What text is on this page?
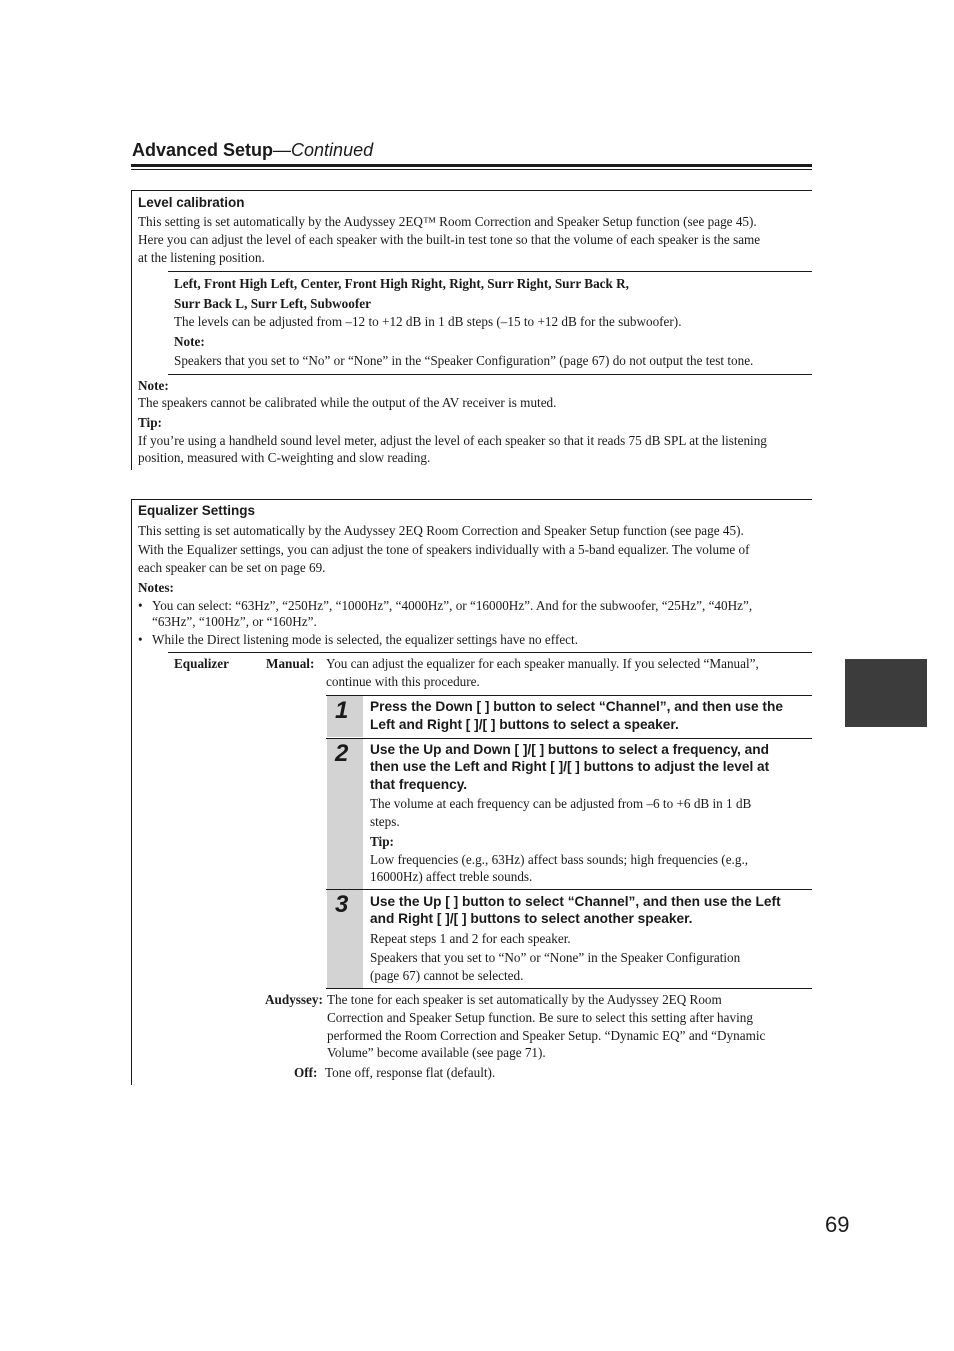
Advanced Setup—Continued
Level calibration
This setting is set automatically by the Audyssey 2EQ™ Room Correction and Speaker Setup function (see page 45).
Here you can adjust the level of each speaker with the built-in test tone so that the volume of each speaker is the same
at the listening position.
Left, Front High Left, Center, Front High Right, Right, Surr Right, Surr Back R,
Surr Back L, Surr Left, Subwoofer
The levels can be adjusted from –12 to +12 dB in 1 dB steps (–15 to +12 dB for the subwoofer).
Note:
Speakers that you set to “No” or “None” in the “Speaker Configuration” (page 67) do not output the test tone.
Note:
The speakers cannot be calibrated while the output of the AV receiver is muted.
Tip:
If you’re using a handheld sound level meter, adjust the level of each speaker so that it reads 75 dB SPL at the listening
position, measured with C-weighting and slow reading.
Equalizer Settings
This setting is set automatically by the Audyssey 2EQ Room Correction and Speaker Setup function (see page 45).
With the Equalizer settings, you can adjust the tone of speakers individually with a 5-band equalizer. The volume of
each speaker can be set on page 69.
Notes:
• You can select: “63Hz”, “250Hz”, “1000Hz”, “4000Hz”, or “16000Hz”. And for the subwoofer, “25Hz”, “40Hz”,
“63Hz”, “100Hz”, or “160Hz”.
• While the Direct listening mode is selected, the equalizer settings have no effect.
Equalizer	Manual: You can adjust the equalizer for each speaker manually. If you selected “Manual”,
continue with this procedure.
1 Press the Down [ ] button to select “Channel”, and then use the
Left and Right [ ]/[ ] buttons to select a speaker.
2 Use the Up and Down [ ]/[ ] buttons to select a frequency, and
then use the Left and Right [ ]/[ ] buttons to adjust the level at
that frequency.
The volume at each frequency can be adjusted from –6 to +6 dB in 1 dB
steps.
Tip:
Low frequencies (e.g., 63Hz) affect bass sounds; high frequencies (e.g.,
16000Hz) affect treble sounds.
3 Use the Up [ ] button to select “Channel”, and then use the Left
and Right [ ]/[ ] buttons to select another speaker.
Repeat steps 1 and 2 for each speaker.
Speakers that you set to “No” or “None” in the Speaker Configuration
(page 67) cannot be selected.
Audyssey: The tone for each speaker is set automatically by the Audyssey 2EQ Room
Correction and Speaker Setup function. Be sure to select this setting after having
performed the Room Correction and Speaker Setup. “Dynamic EQ” and “Dynamic
Volume” become available (see page 71).
Off: Tone off, response flat (default).
69
